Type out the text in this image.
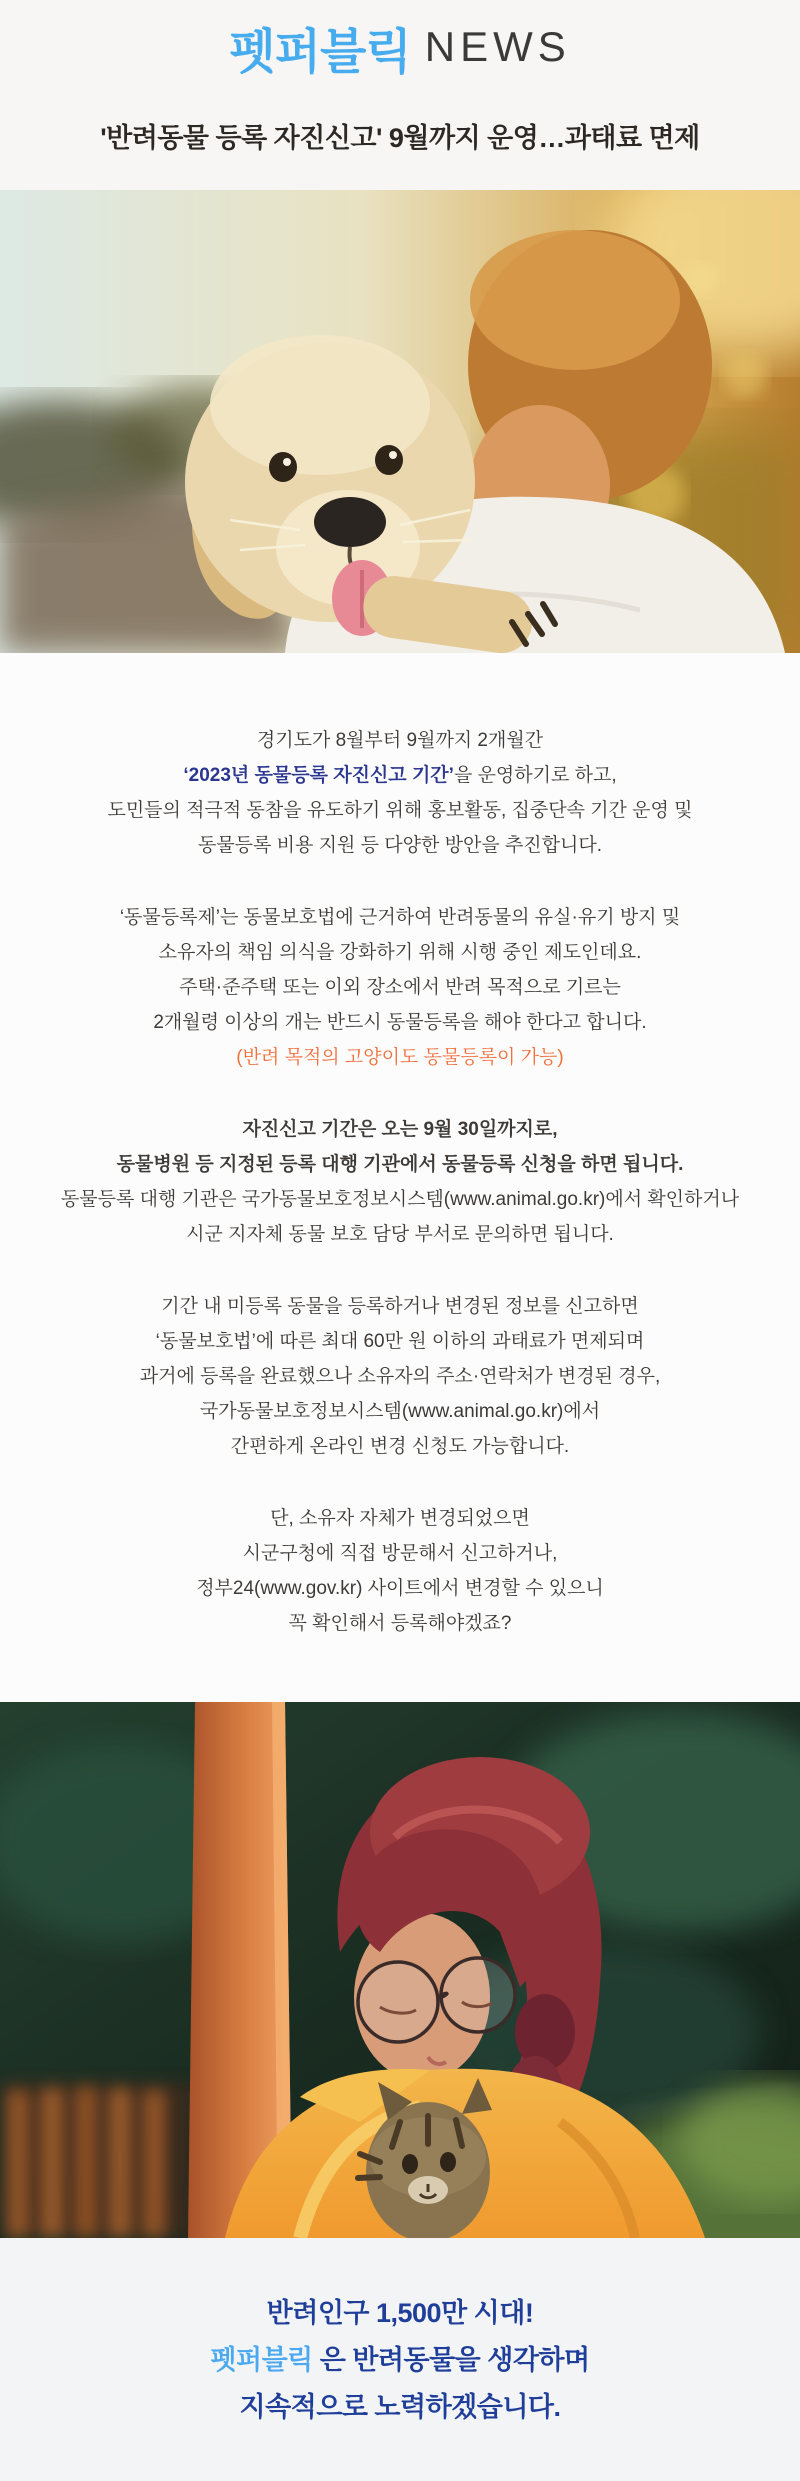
펫퍼블릭 NEWS
'반려동물 등록 자진신고' 9월까지 운영…과태료 면제

경기도가 8월부터 9월까지 2개월간
‘2023년 동물등록 자진신고 기간’을 운영하기로 하고,
도민들의 적극적 동참을 유도하기 위해 홍보활동, 집중단속 기간 운영 및
동물등록 비용 지원 등 다양한 방안을 추진합니다.

‘동물등록제’는 동물보호법에 근거하여 반려동물의 유실·유기 방지 및
소유자의 책임 의식을 강화하기 위해 시행 중인 제도인데요.
주택·준주택 또는 이외 장소에서 반려 목적으로 기르는
2개월령 이상의 개는 반드시 동물등록을 해야 한다고 합니다.
(반려 목적의 고양이도 동물등록이 가능)

자진신고 기간은 오는 9월 30일까지로,
동물병원 등 지정된 등록 대행 기관에서 동물등록 신청을 하면 됩니다.
동물등록 대행 기관은 국가동물보호정보시스템(www.animal.go.kr)에서 확인하거나
시군 지자체 동물 보호 담당 부서로 문의하면 됩니다.

기간 내 미등록 동물을 등록하거나 변경된 정보를 신고하면
‘동물보호법’에 따른 최대 60만 원 이하의 과태료가 면제되며
과거에 등록을 완료했으나 소유자의 주소·연락처가 변경된 경우,
국가동물보호정보시스템(www.animal.go.kr)에서
간편하게 온라인 변경 신청도 가능합니다.

단, 소유자 자체가 변경되었으면
시군구청에 직접 방문해서 신고하거나,
정부24(www.gov.kr) 사이트에서 변경할 수 있으니
꼭 확인해서 등록해야겠죠?

반려인구 1,500만 시대!
펫퍼블릭 은 반려동물을 생각하며
지속적으로 노력하겠습니다.
